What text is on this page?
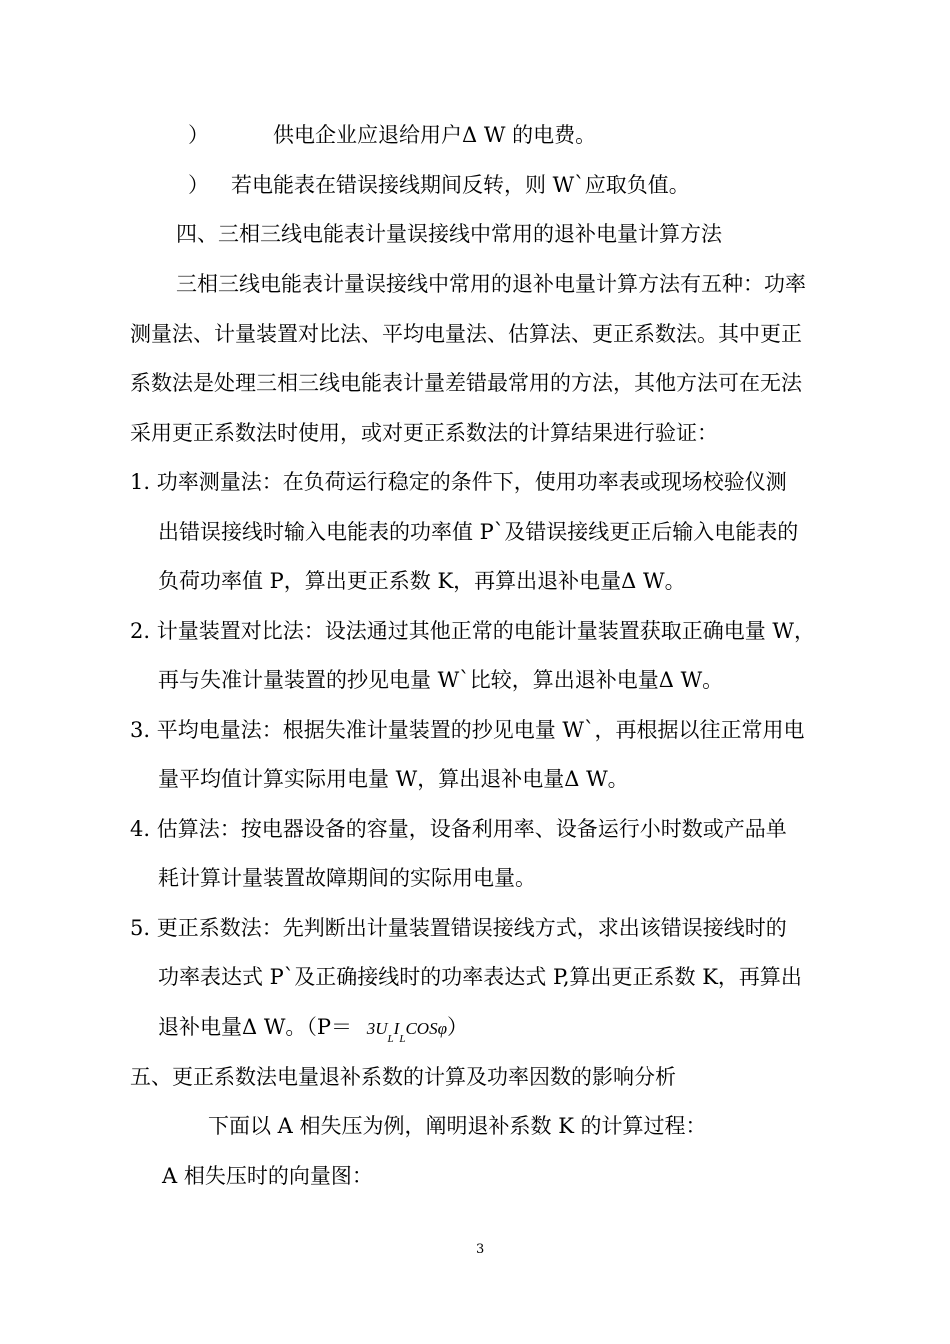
）	供电企业应退给用户Δ W 的电费。
） 若电能表在错误接线期间反转，则 W`应取负值。
四、三相三线电能表计量误接线中常用的退补电量计算方法
三相三线电能表计量误接线中常用的退补电量计算方法有五种：功率
测量法、计量装置对比法、平均电量法、估算法、更正系数法。其中更正
系数法是处理三相三线电能表计量差错最常用的方法，其他方法可在无法
采用更正系数法时使用，或对更正系数法的计算结果进行验证：
1. 功率测量法：在负荷运行稳定的条件下，使用功率表或现场校验仪测
出错误接线时输入电能表的功率值 P`及错误接线更正后输入电能表的
负荷功率值 P，算出更正系数 K，再算出退补电量Δ W。
2. 计量装置对比法：设法通过其他正常的电能计量装置获取正确电量 W，
再与失准计量装置的抄见电量 W`比较，算出退补电量Δ W。
3. 平均电量法：根据失准计量装置的抄见电量 W`，再根据以往正常用电
量平均值计算实际用电量 W，算出退补电量Δ W。
4. 估算法：按电器设备的容量，设备利用率、设备运行小时数或产品单
耗计算计量装置故障期间的实际用电量。
5. 更正系数法：先判断出计量装置错误接线方式，求出该错误接线时的
功率表达式 P`及正确接线时的功率表达式 P,算出更正系数 K，再算出
退补电量Δ W。$(P= 3U_LI_LCOS\varphi)$
五、更正系数法电量退补系数的计算及功率因数的影响分析
下面以 A 相失压为例，阐明退补系数 K 的计算过程：
A 相失压时的向量图：
3
